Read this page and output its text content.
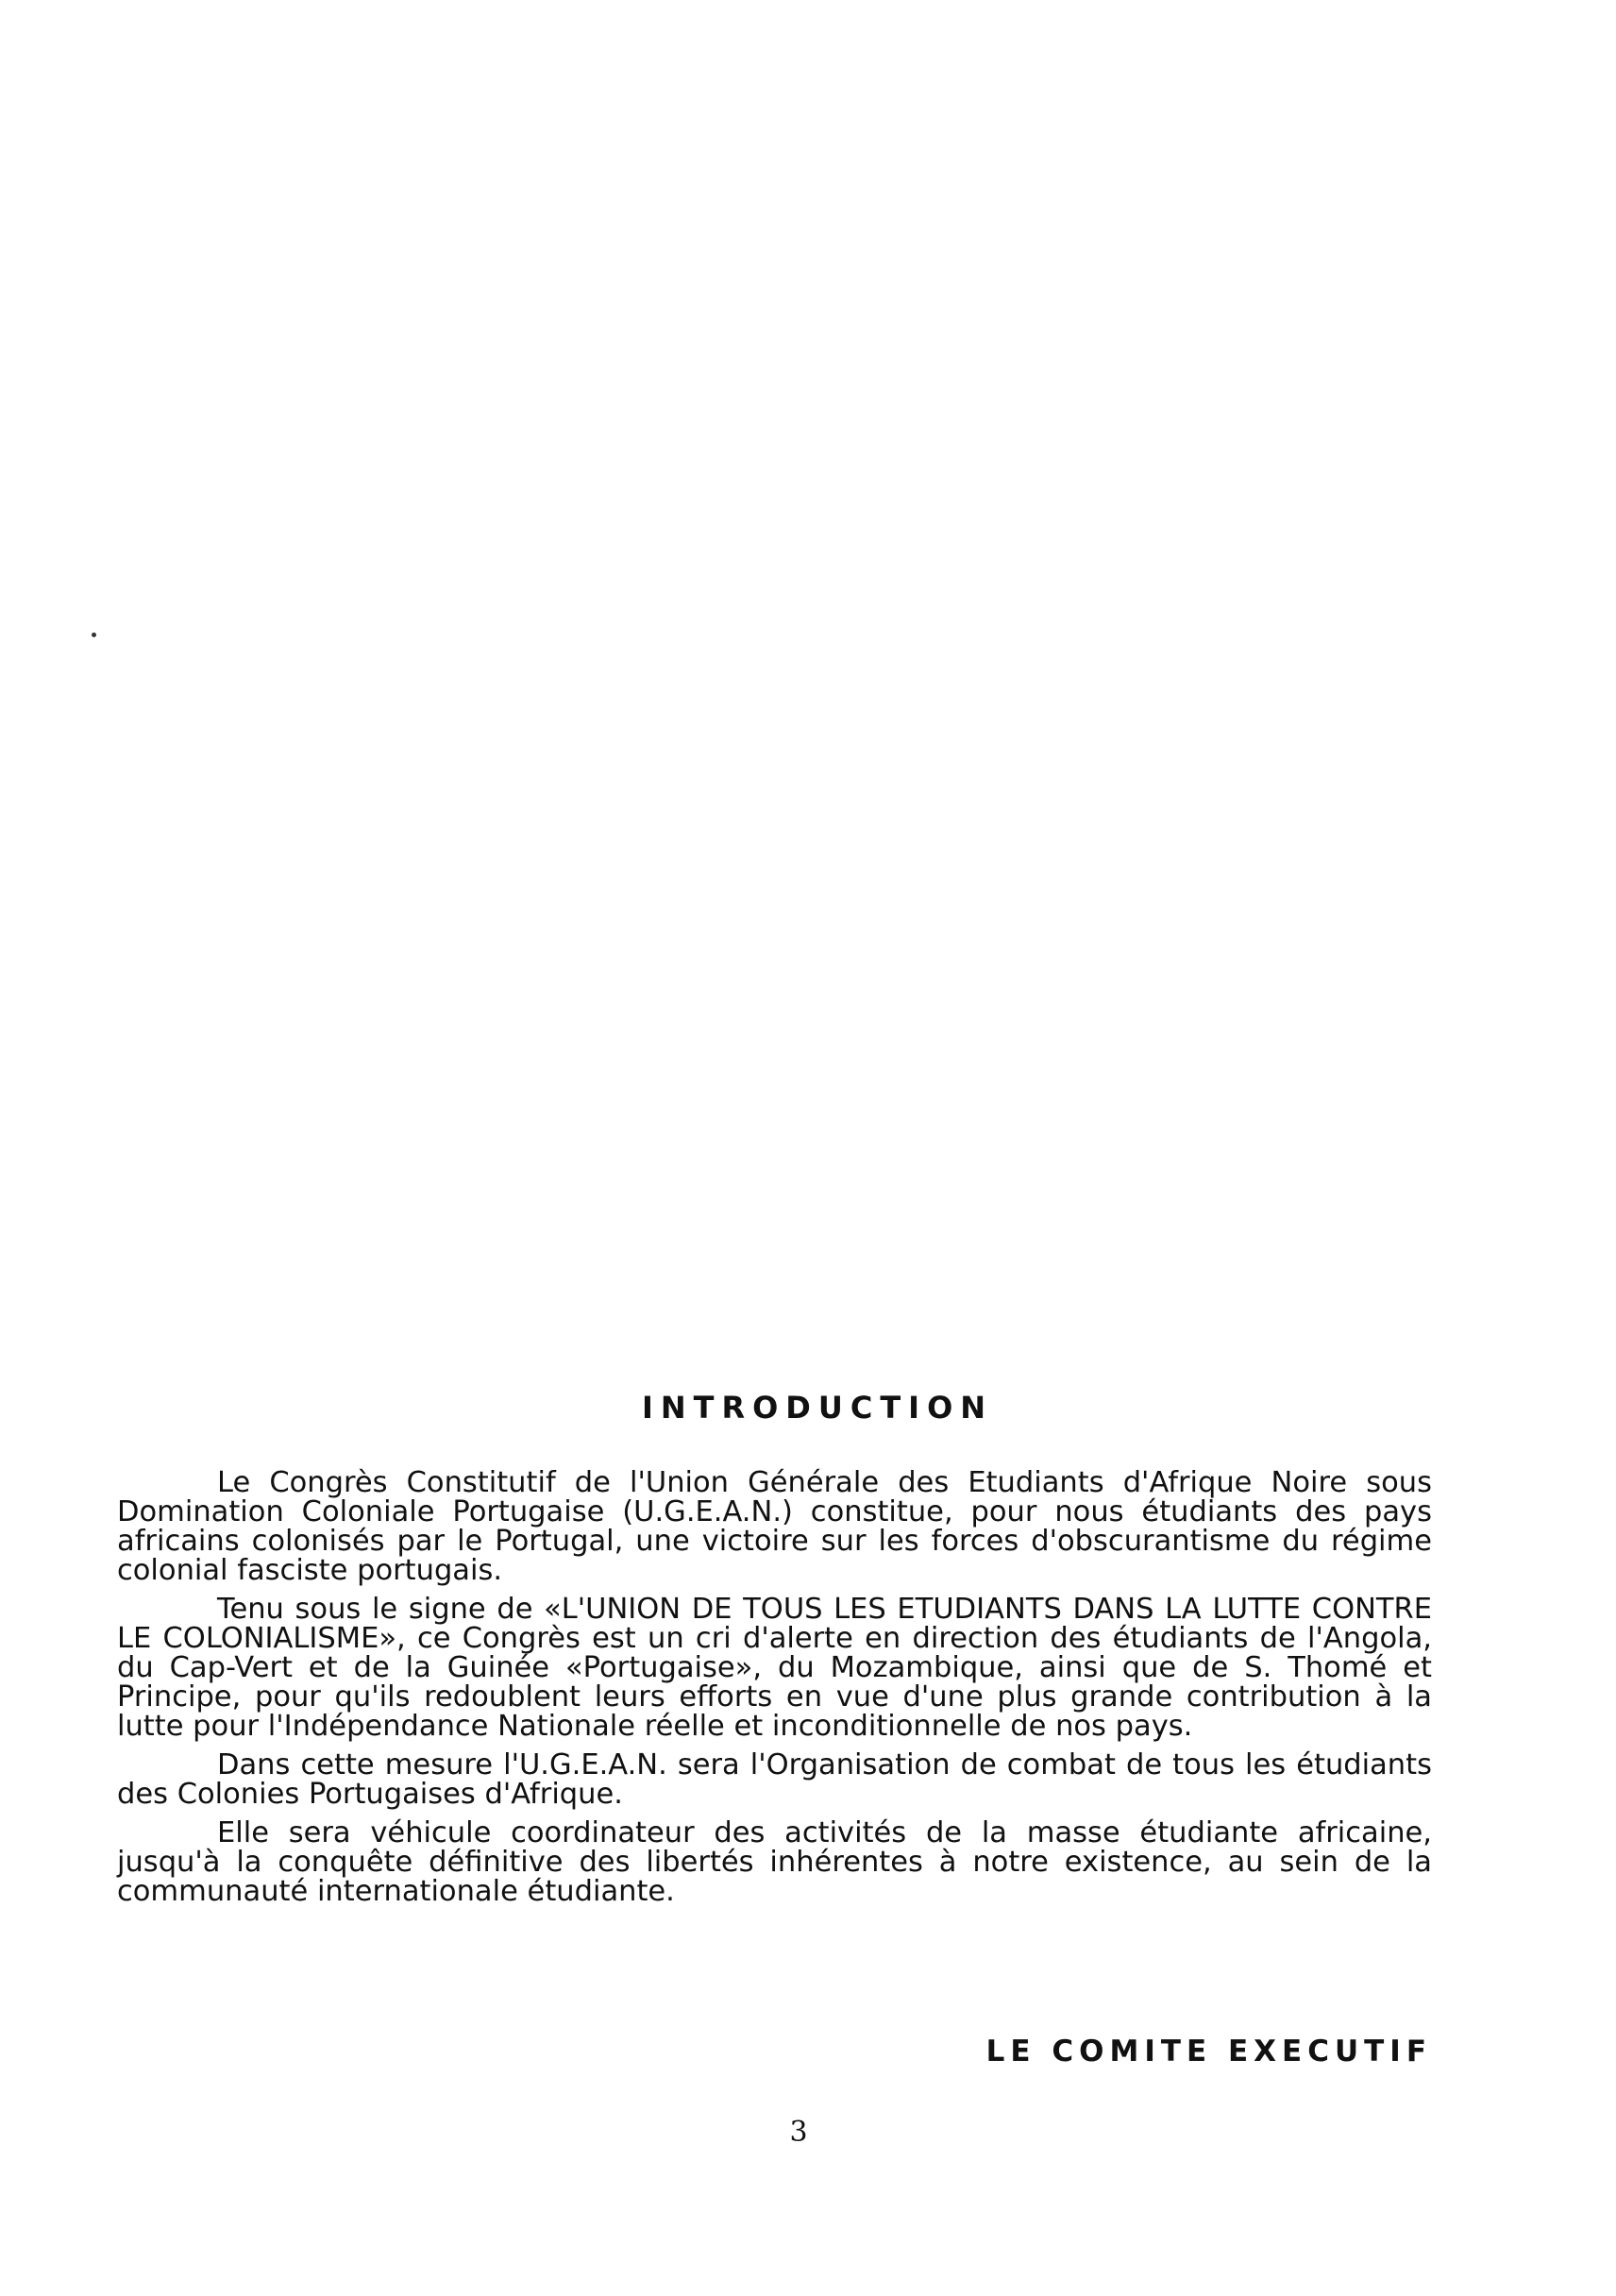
INTRODUCTION

Le Congrès Constitutif de l'Union Générale des Etudiants d'Afrique Noire sous Domination Coloniale Portugaise (U.G.E.A.N.) constitue, pour nous étudiants des pays africains colonisés par le Portugal, une victoire sur les forces d'obscurantisme du régime colonial fasciste portugais.

Tenu sous le signe de «L'UNION DE TOUS LES ETUDIANTS DANS LA LUTTE CONTRE LE COLONIALISME», ce Congrès est un cri d'alerte en direction des étudiants de l'Angola, du Cap-Vert et de la Guinée «Portugaise», du Mozambique, ainsi que de S. Thomé et Principe, pour qu'ils redoublent leurs efforts en vue d'une plus grande contribution à la lutte pour l'Indépendance Nationale réelle et inconditionnelle de nos pays.

Dans cette mesure l'U.G.E.A.N. sera l'Organisation de combat de tous les étudiants des Colonies Portugaises d'Afrique.

Elle sera véhicule coordinateur des activités de la masse étudiante africaine, jusqu'à la conquête définitive des libertés inhérentes à notre existence, au sein de la communauté internationale étudiante.

LE COMITE EXECUTIF
3
